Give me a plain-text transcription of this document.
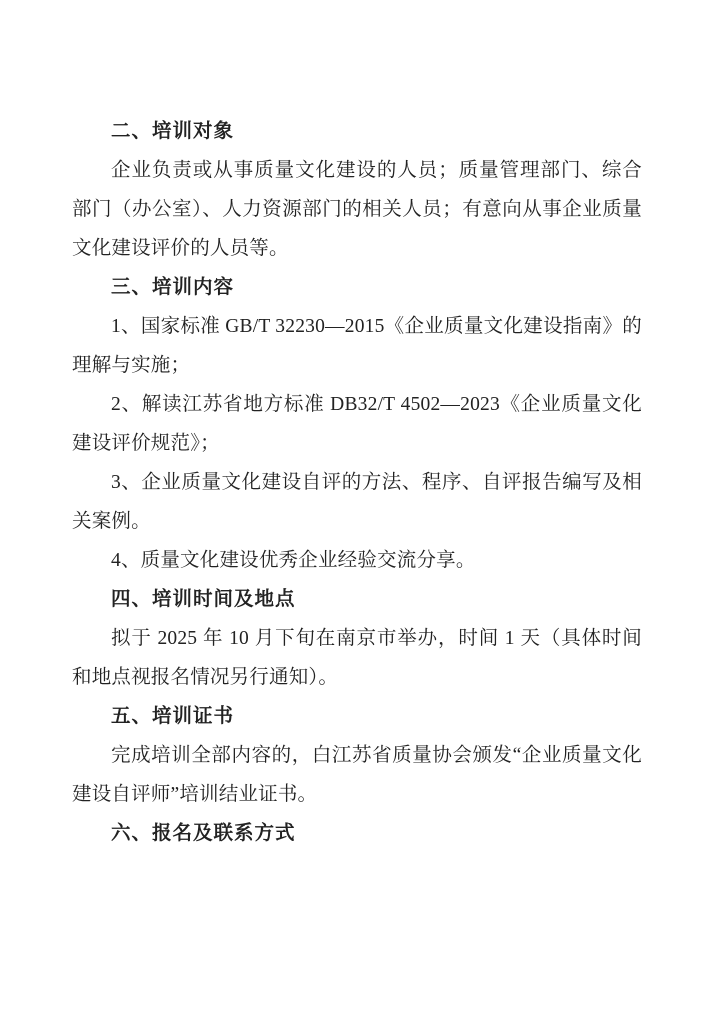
二、培训对象

企业负责或从事质量文化建设的人员；质量管理部门、综合部门（办公室）、人力资源部门的相关人员；有意向从事企业质量文化建设评价的人员等。

三、培训内容

1、国家标准 GB/T 32230—2015《企业质量文化建设指南》的理解与实施；

2、解读江苏省地方标准 DB32/T 4502—2023《企业质量文化建设评价规范》；

3、企业质量文化建设自评的方法、程序、自评报告编写及相关案例。

4、质量文化建设优秀企业经验交流分享。

四、培训时间及地点

拟于 2025 年 10 月下旬在南京市举办，时间 1 天（具体时间和地点视报名情况另行通知）。

五、培训证书

完成培训全部内容的，白江苏省质量协会颁发“企业质量文化建设自评师”培训结业证书。

六、报名及联系方式
